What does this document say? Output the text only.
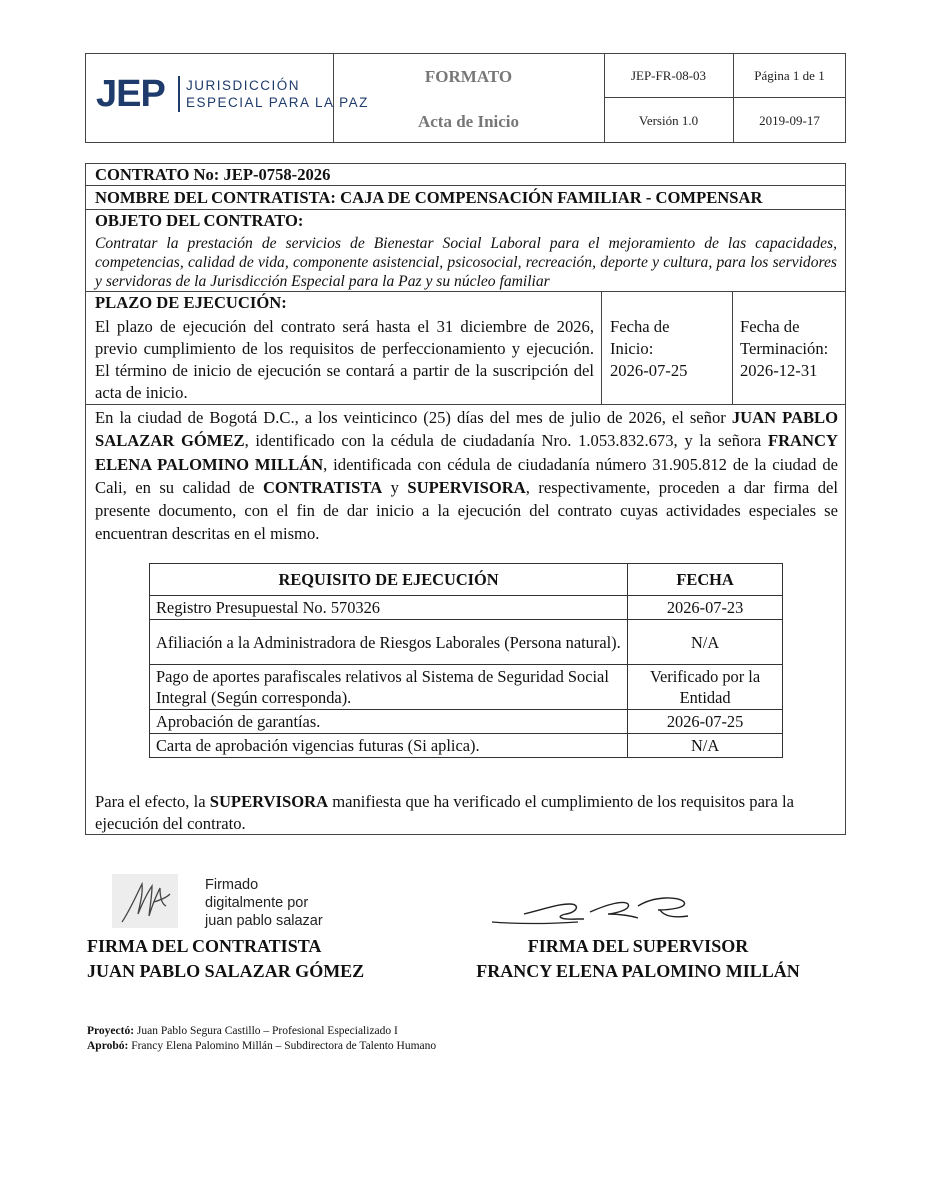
JEP JURISDICCIÓN
ESPECIAL PARA LA PAZ
FORMATO
Acta de Inicio
JEP-FR-08-03	Página 1 de 1
Versión 1.0	2019-09-17
CONTRATO No: JEP-0758-2026
NOMBRE DEL CONTRATISTA: CAJA DE COMPENSACIÓN FAMILIAR - COMPENSAR
OBJETO DEL CONTRATO:
Contratar la prestación de servicios de Bienestar Social Laboral para el mejoramiento de las capacidades, competencias, calidad de vida, componente asistencial, psicosocial, recreación, deporte y cultura, para los servidores y servidoras de la Jurisdicción Especial para la Paz y su núcleo familiar
PLAZO DE EJECUCIÓN:
El plazo de ejecución del contrato será hasta el 31 diciembre de 2026, previo cumplimiento de los requisitos de perfeccionamiento y ejecución. El término de inicio de ejecución se contará a partir de la suscripción del acta de inicio.
Fecha de
Inicio:
2026-07-25
Fecha de
Terminación:
2026-12-31
En la ciudad de Bogotá D.C., a los veinticinco (25) días del mes de julio de 2026, el señor JUAN PABLO SALAZAR GÓMEZ, identificado con la cédula de ciudadanía Nro. 1.053.832.673, y la señora FRANCY ELENA PALOMINO MILLÁN, identificada con cédula de ciudadanía número 31.905.812 de la ciudad de Cali, en su calidad de CONTRATISTA y SUPERVISORA, respectivamente, proceden a dar firma del presente documento, con el fin de dar inicio a la ejecución del contrato cuyas actividades especiales se encuentran descritas en el mismo.
Para el efecto, la SUPERVISORA manifiesta que ha verificado el cumplimiento de los requisitos para la ejecución del contrato.
REQUISITO DE EJECUCIÓN	FECHA
Registro Presupuestal No. 570326	2026-07-23
Afiliación a la Administradora de Riesgos Laborales (Persona natural).	N/A
Pago de aportes parafiscales relativos al Sistema de Seguridad Social Integral (Según corresponda).	Verificado por la Entidad
Aprobación de garantías.	2026-07-25
Carta de aprobación vigencias futuras (Si aplica).	N/A
Firmado
digitalmente por
juan pablo salazar
FIRMA DEL CONTRATISTA
JUAN PABLO SALAZAR GÓMEZ
FIRMA DEL SUPERVISOR
FRANCY ELENA PALOMINO MILLÁN
Proyectó: Juan Pablo Segura Castillo – Profesional Especializado I
Aprobó: Francy Elena Palomino Millán – Subdirectora de Talento Humano
